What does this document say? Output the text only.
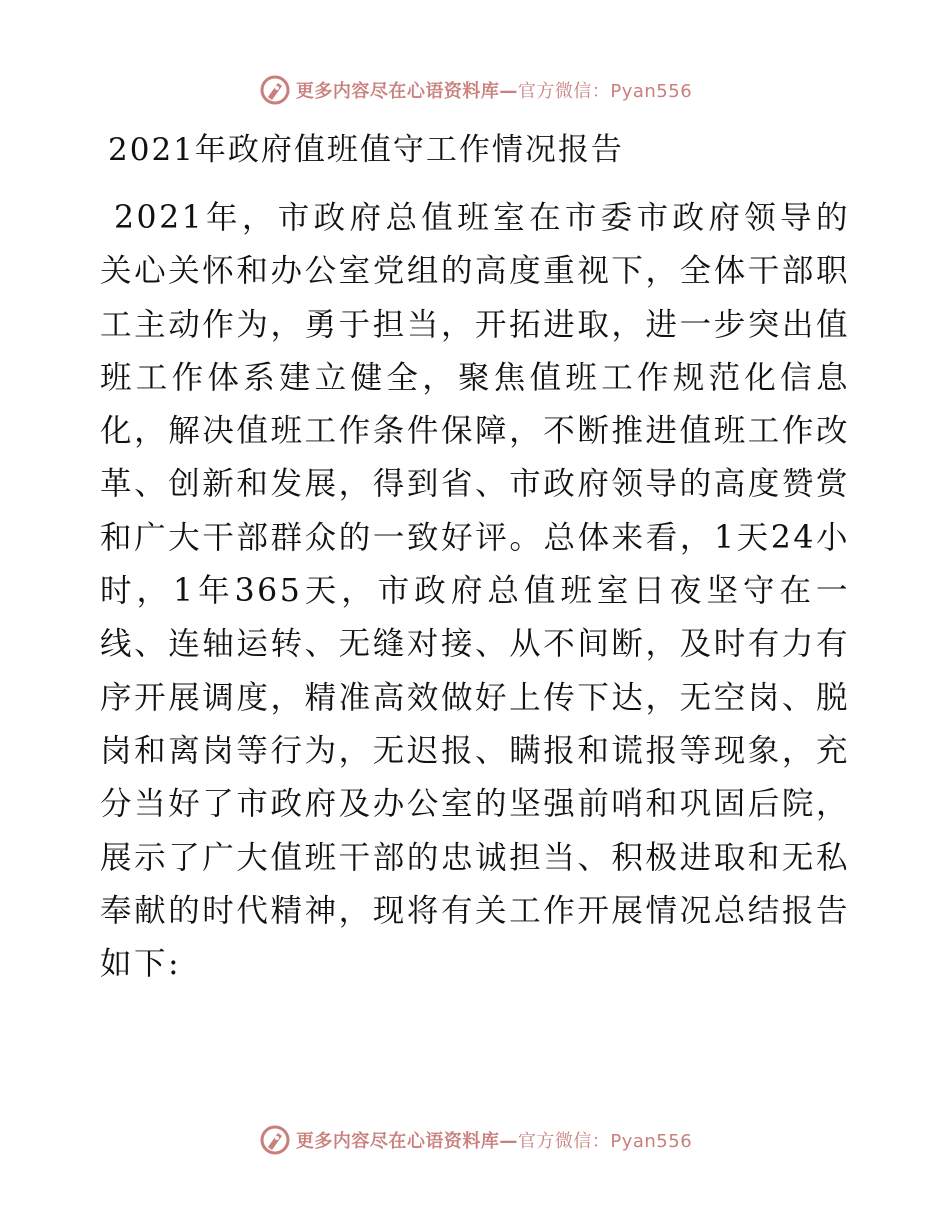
更多内容尽在心语资料库—官方微信：Pyan556
2021年政府值班值守工作情况报告

2021年，市政府总值班室在市委市政府领导的关心关怀和办公室党组的高度重视下，全体干部职工主动作为，勇于担当，开拓进取，进一步突出值班工作体系建立健全，聚焦值班工作规范化信息化，解决值班工作条件保障，不断推进值班工作改革、创新和发展，得到省、市政府领导的高度赞赏和广大干部群众的一致好评。总体来看，1天24小时，1年365天，市政府总值班室日夜坚守在一线、连轴运转、无缝对接、从不间断，及时有力有序开展调度，精准高效做好上传下达，无空岗、脱岗和离岗等行为，无迟报、瞒报和谎报等现象，充分当好了市政府及办公室的坚强前哨和巩固后院，展示了广大值班干部的忠诚担当、积极进取和无私奉献的时代精神，现将有关工作开展情况总结报告如下:

更多内容尽在心语资料库—官方微信：Pyan556
